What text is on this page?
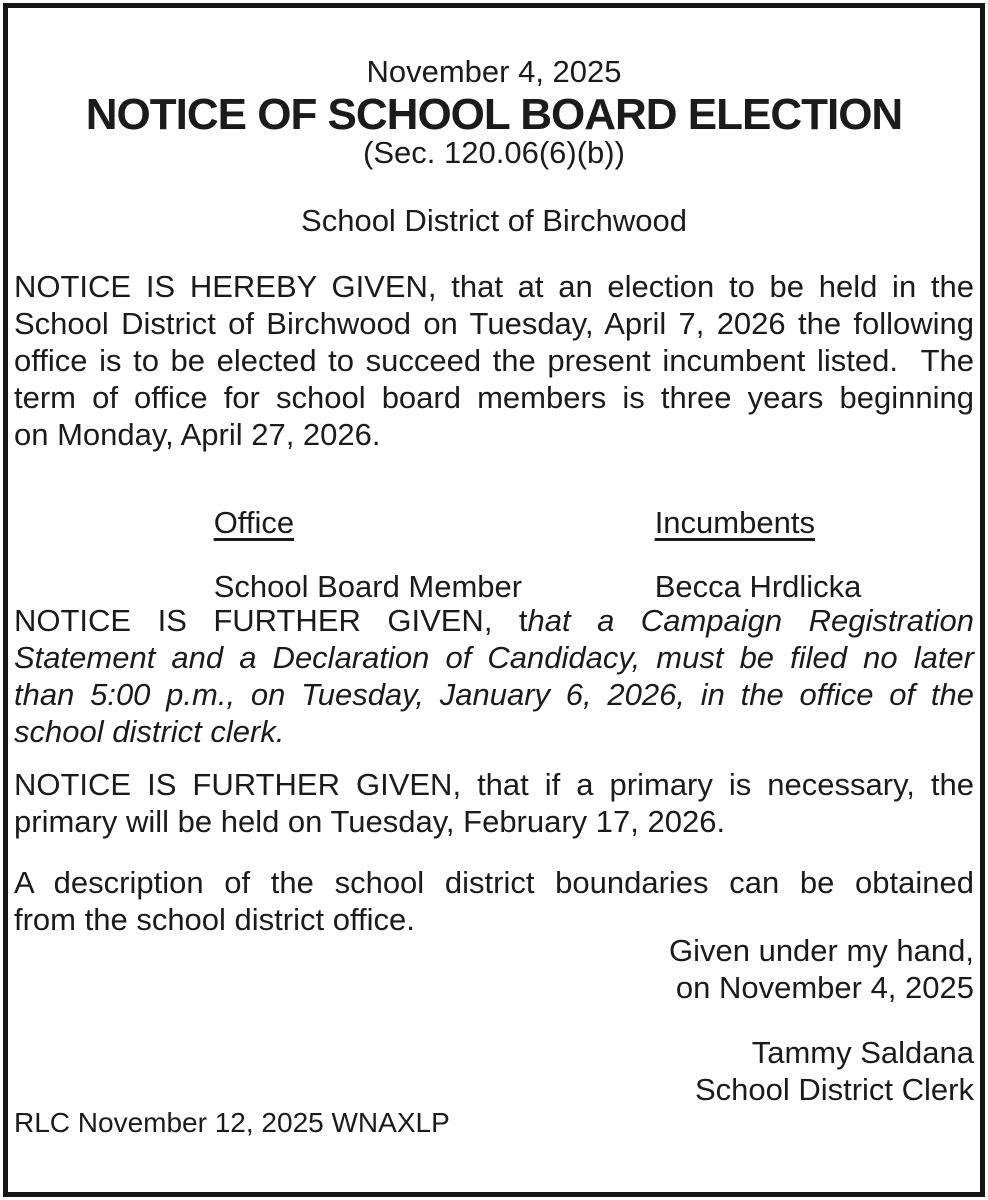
November 4, 2025
NOTICE OF SCHOOL BOARD ELECTION
(Sec. 120.06(6)(b))
School District of Birchwood
NOTICE IS HEREBY GIVEN, that at an election to be held in the
School District of Birchwood on Tuesday, April 7, 2026 the following
office is to be elected to succeed the present incumbent listed.  The
term of office for school board members is three years beginning
on Monday, April 27, 2026.

Office	Incumbents

School Board Member	Becca Hrdlicka

NOTICE IS FURTHER GIVEN, that a Campaign Registration
Statement and a Declaration of Candidacy, must be filed no later
than 5:00 p.m., on Tuesday, January 6, 2026, in the office of the
school district clerk.
NOTICE IS FURTHER GIVEN, that if a primary is necessary, the
primary will be held on Tuesday, February 17, 2026.
A description of the school district boundaries can be obtained
from the school district office.
Given under my hand,
on November 4, 2025
Tammy Saldana
School District Clerk
RLC November 12, 2025 WNAXLP
